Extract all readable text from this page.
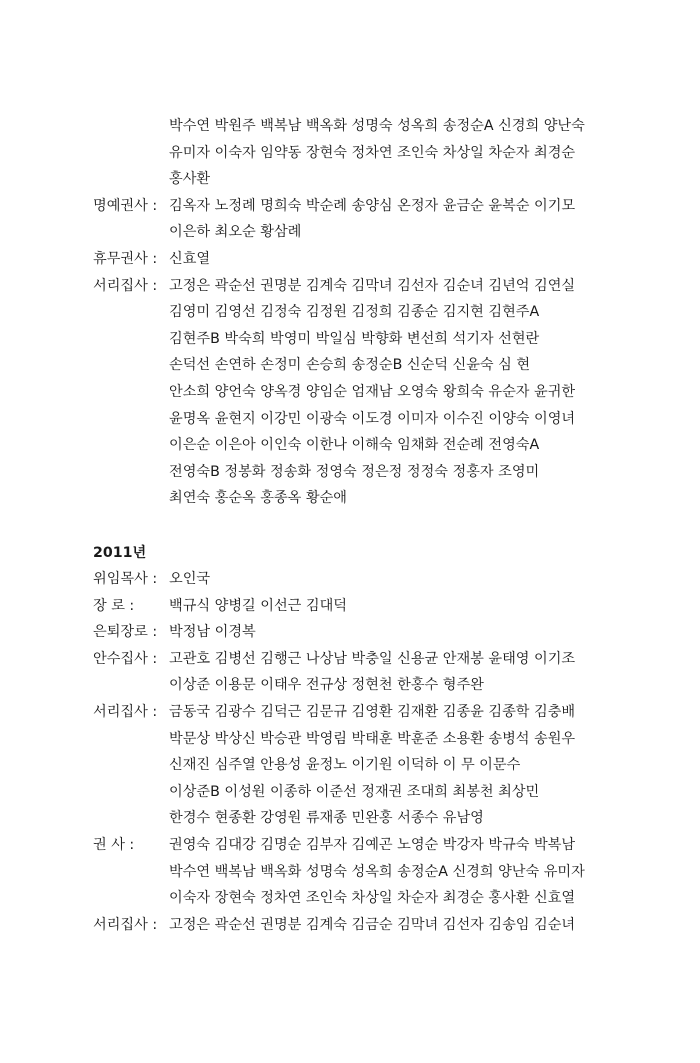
박수연 박원주 백복남 백옥화 성명숙 성옥희 송정순A 신경희 양난숙
유미자 이숙자 임약동 장현숙 정차연 조인숙 차상일 차순자 최경순
홍사환
명예권사 : 김옥자 노정례 명희숙 박순례 송양심 온정자 윤금순 윤복순 이기모
이은하 최오순 황삼례
휴무권사 : 신효열
서리집사 : 고정은 곽순선 권명분 김계숙 김막녀 김선자 김순녀 김년억 김연실
김영미 김영선 김정숙 김정원 김정희 김종순 김지현 김현주A
김현주B 박숙희 박영미 박일심 박향화 변선희 석기자 선현란
손덕선 손연하 손정미 손승희 송정순B 신순덕 신윤숙 심 현
안소희 양언숙 양옥경 양임순 엄재남 오영숙 왕희숙 유순자 윤귀한
윤명옥 윤현지 이강민 이광숙 이도경 이미자 이수진 이양숙 이영녀
이은순 이은아 이인숙 이한나 이해숙 임채화 전순례 전영숙A
전영숙B 정봉화 정송화 정영숙 정은정 정정숙 정홍자 조영미
최연숙 홍순옥 홍종옥 황순애
2011년
위임목사 : 오인국
장 로 :	백규식 양병길 이선근 김대덕
은퇴장로 : 박정남 이경복
안수집사 : 고관호 김병선 김행근 나상남 박충일 신용균 안재봉 윤태영 이기조
이상준 이용문 이태우 전규상 정현천 한홍수 형주완
서리집사 : 금동국 김광수 김덕근 김문규 김영환 김재환 김종윤 김종학 김충배
박문상 박상신 박승관 박영림 박태훈 박훈준 소용환 송병석 송원우
신재진 심주열 안용성 윤정노 이기원 이덕하 이 무 이문수
이상준B 이성원 이종하 이준선 정재권 조대희 최봉천 최상민
한경수 현종환 강영원 류재종 민완홍 서종수 유남영
권 사 :	권영숙 김대강 김명순 김부자 김예곤 노영순 박강자 박규숙 박복남
박수연 백복남 백옥화 성명숙 성옥희 송정순A 신경희 양난숙 유미자
이숙자 장현숙 정차연 조인숙 차상일 차순자 최경순 홍사환 신효열
서리집사 : 고정은 곽순선 권명분 김계숙 김금순 김막녀 김선자 김송임 김순녀
